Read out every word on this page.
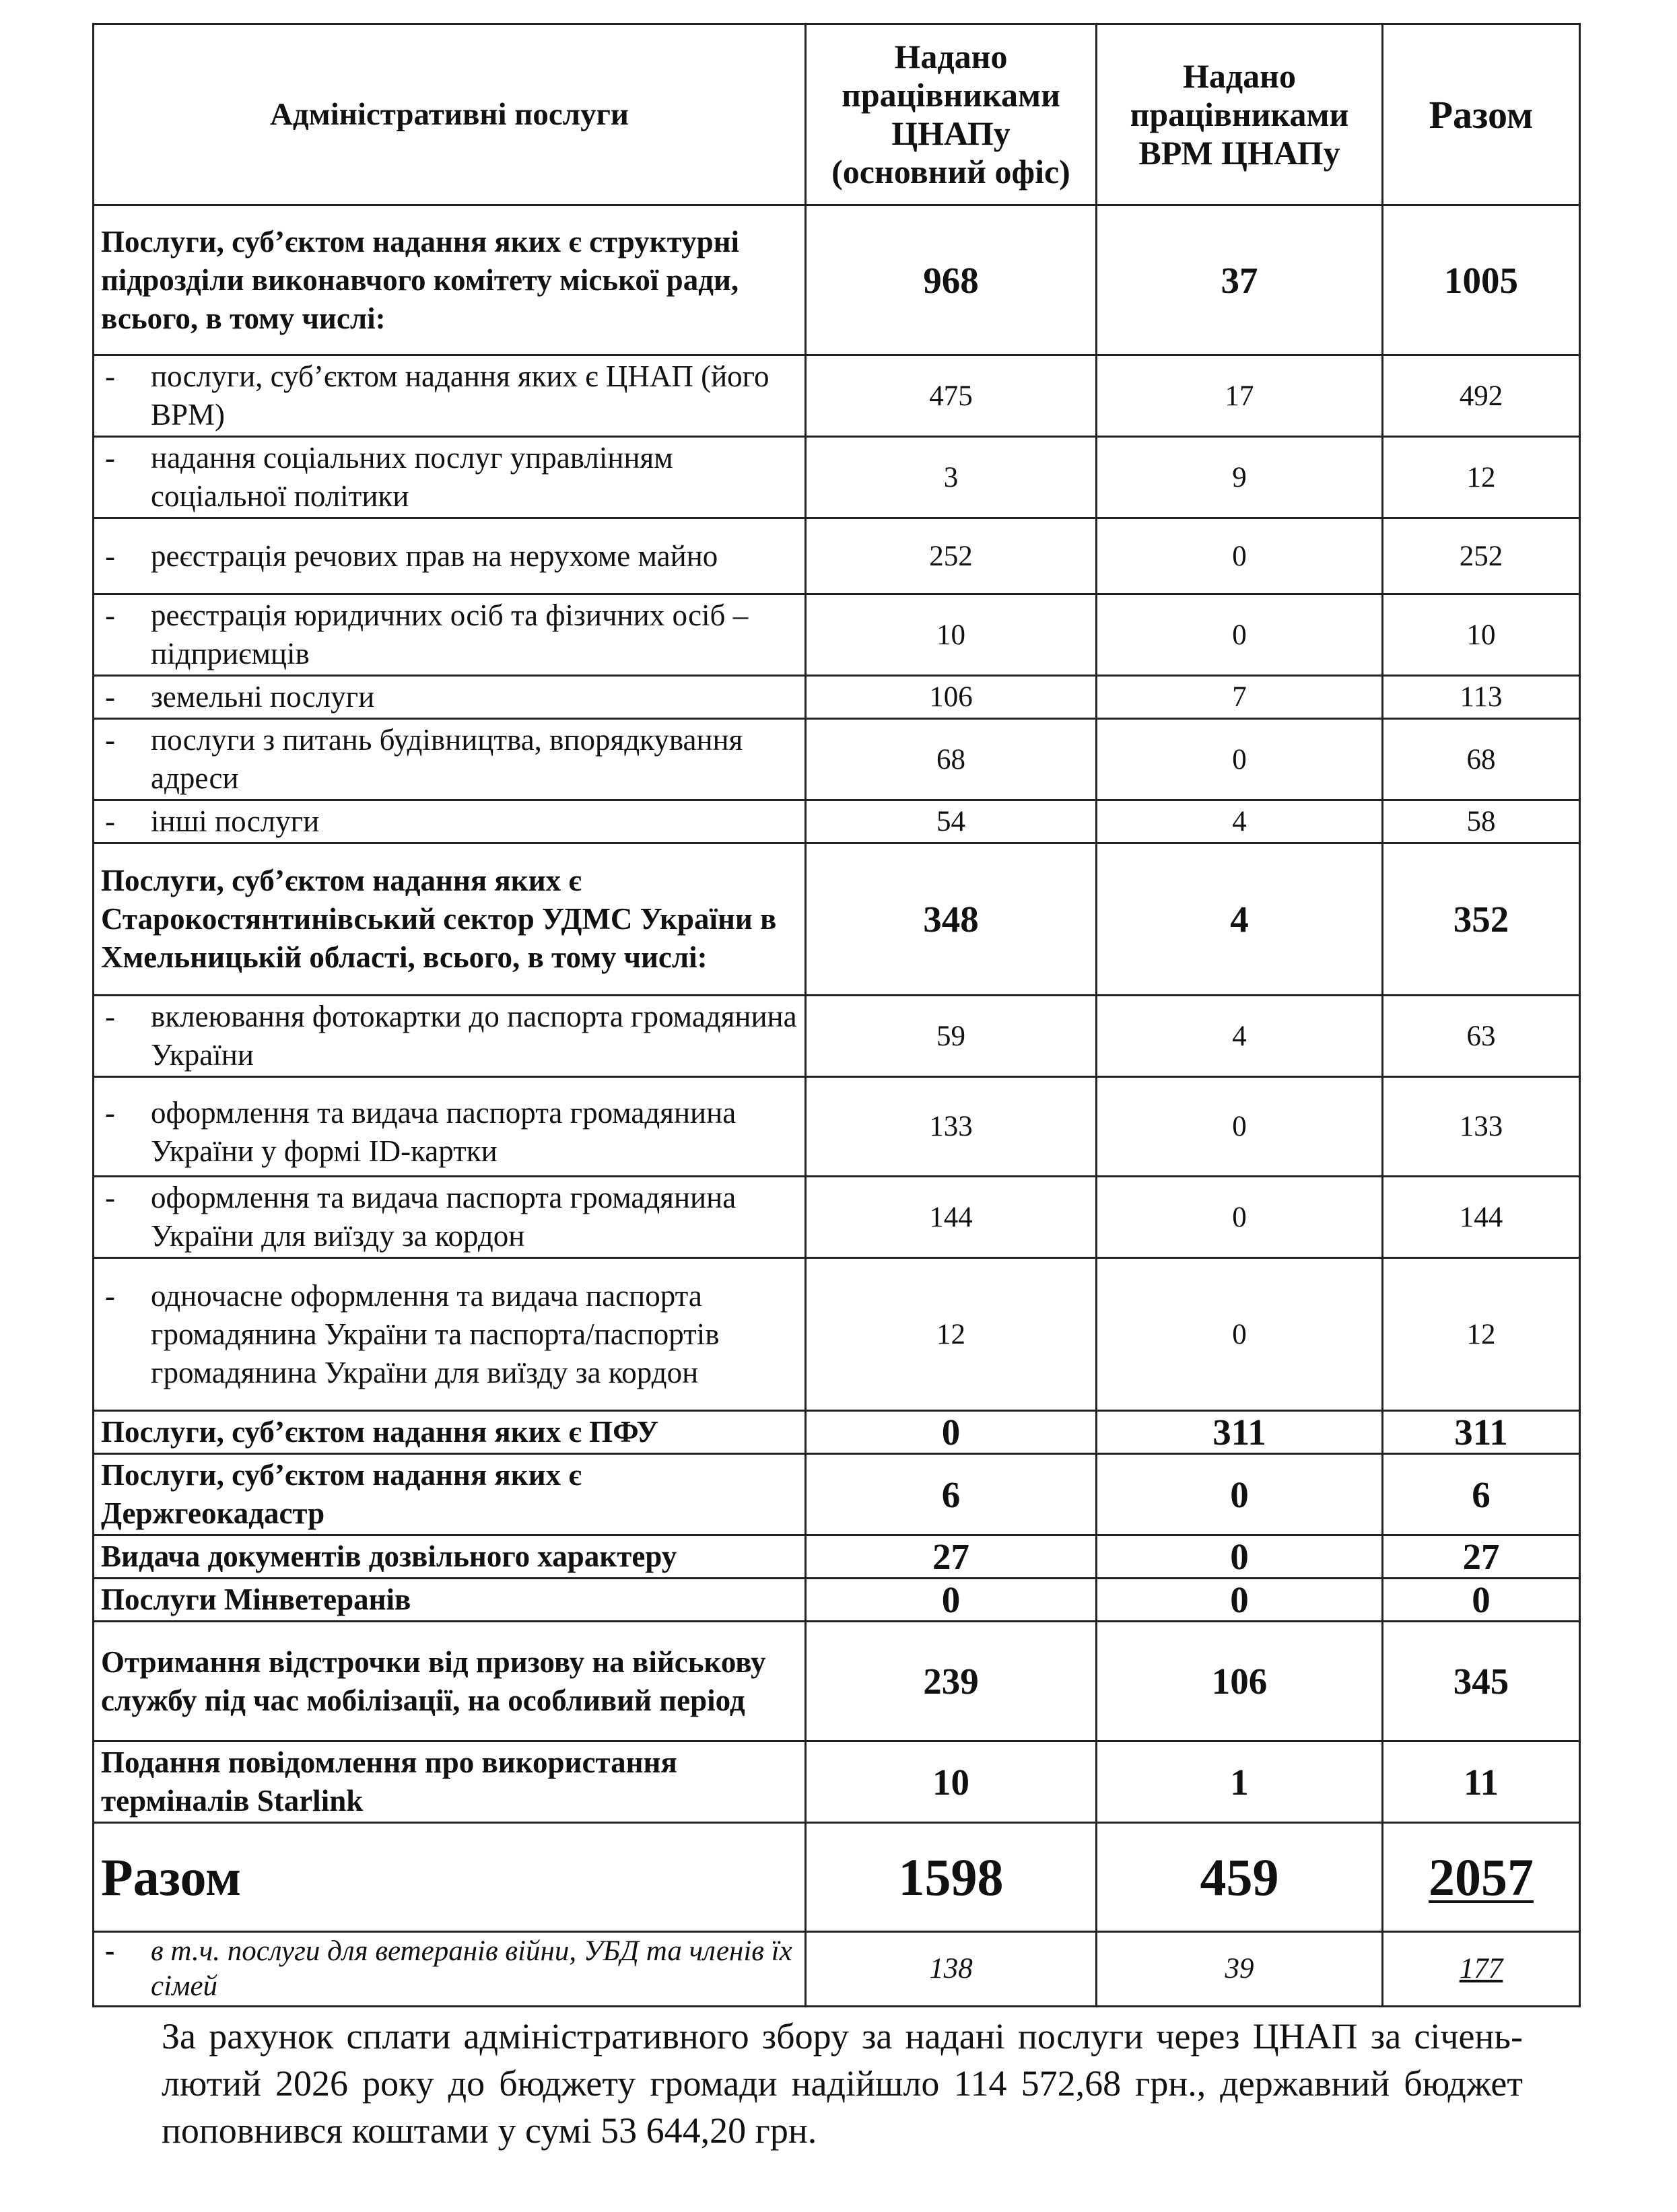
Адміністративні послуги	Надано працівниками ЦНАПу (основний офіс)	Надано працівниками ВРМ ЦНАПу	Разом
Послуги, суб’єктом надання яких є структурні підрозділи виконавчого комітету міської ради, всього, в тому числі:	968	37	1005

- послуги, суб’єктом надання яких є ЦНАП (його ВРМ)	475	17	492

- надання соціальних послуг управлінням соціальної політики	3	9	12

- реєстрація речових прав на нерухоме майно	252	0	252

- реєстрація юридичних осіб та фізичних осіб – підприємців	10	0	10

- земельні послуги	106	7	113

- послуги з питань будівництва, впорядкування адреси	68	0	68

- інші послуги	54	4	58
Послуги, суб’єктом надання яких є Старокостянтинівський сектор УДМС України в Хмельницькій області, всього, в тому числі:	348	4	352

- вклеювання фотокартки до паспорта громадянина України	59	4	63

- оформлення та видача паспорта громадянина України у формі ID-картки	133	0	133

- оформлення та видача паспорта громадянина України для виїзду за кордон	144	0	144

- одночасне оформлення та видача паспорта громадянина України та паспорта/паспортів громадянина України для виїзду за кордон	12	0	12
Послуги, суб’єктом надання яких є ПФУ	0	311	311
Послуги, суб’єктом надання яких є Держгеокадастр	6	0	6
Видача документів дозвільного характеру	27	0	27
Послуги Мінветеранів	0	0	0
Отримання відстрочки від призову на військову службу під час мобілізації, на особливий період	239	106	345
Подання повідомлення про використання терміналів Starlink	10	1	11
Разом	1598	459	2057

- в т.ч. послуги для ветеранів війни, УБД та членів їх сімей	138	39	177

За рахунок сплати адміністративного збору за надані послуги через ЦНАП за січень-лютий 2026 року до бюджету громади надійшло 114 572,68 грн., державний бюджет поповнився коштами у сумі 53 644,20 грн.
